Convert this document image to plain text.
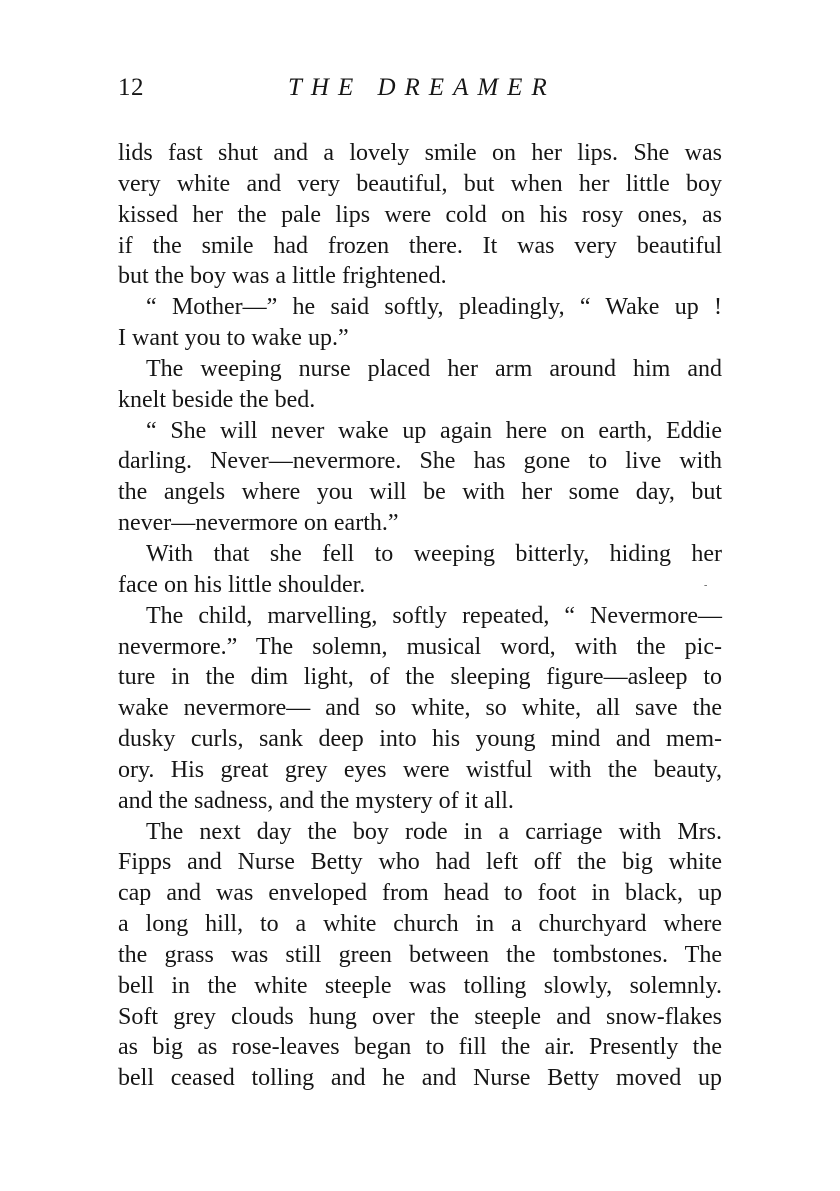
12	THE DREAMER
lids fast shut and a lovely smile on her lips. She was
very white and very beautiful, but when her little boy
kissed her the pale lips were cold on his rosy ones, as
if the smile had frozen there. It was very beautiful
but the boy was a little frightened.
“ Mother—” he said softly, pleadingly, “ Wake up !
I want you to wake up.”
The weeping nurse placed her arm around him and
knelt beside the bed.
“ She will never wake up again here on earth, Eddie
darling. Never—nevermore. She has gone to live with
the angels where you will be with her some day, but
never—nevermore on earth.”
With that she fell to weeping bitterly, hiding her
face on his little shoulder.
The child, marvelling, softly repeated, “ Nevermore—
nevermore.” The solemn, musical word, with the pic-
ture in the dim light, of the sleeping figure—asleep to
wake nevermore— and so white, so white, all save the
dusky curls, sank deep into his young mind and mem-
ory. His great grey eyes were wistful with the beauty,
and the sadness, and the mystery of it all.
The next day the boy rode in a carriage with Mrs.
Fipps and Nurse Betty who had left off the big white
cap and was enveloped from head to foot in black, up
a long hill, to a white church in a churchyard where
the grass was still green between the tombstones. The
bell in the white steeple was tolling slowly, solemnly.
Soft grey clouds hung over the steeple and snow-flakes
as big as rose-leaves began to fill the air. Presently the
bell ceased tolling and he and Nurse Betty moved up
-
